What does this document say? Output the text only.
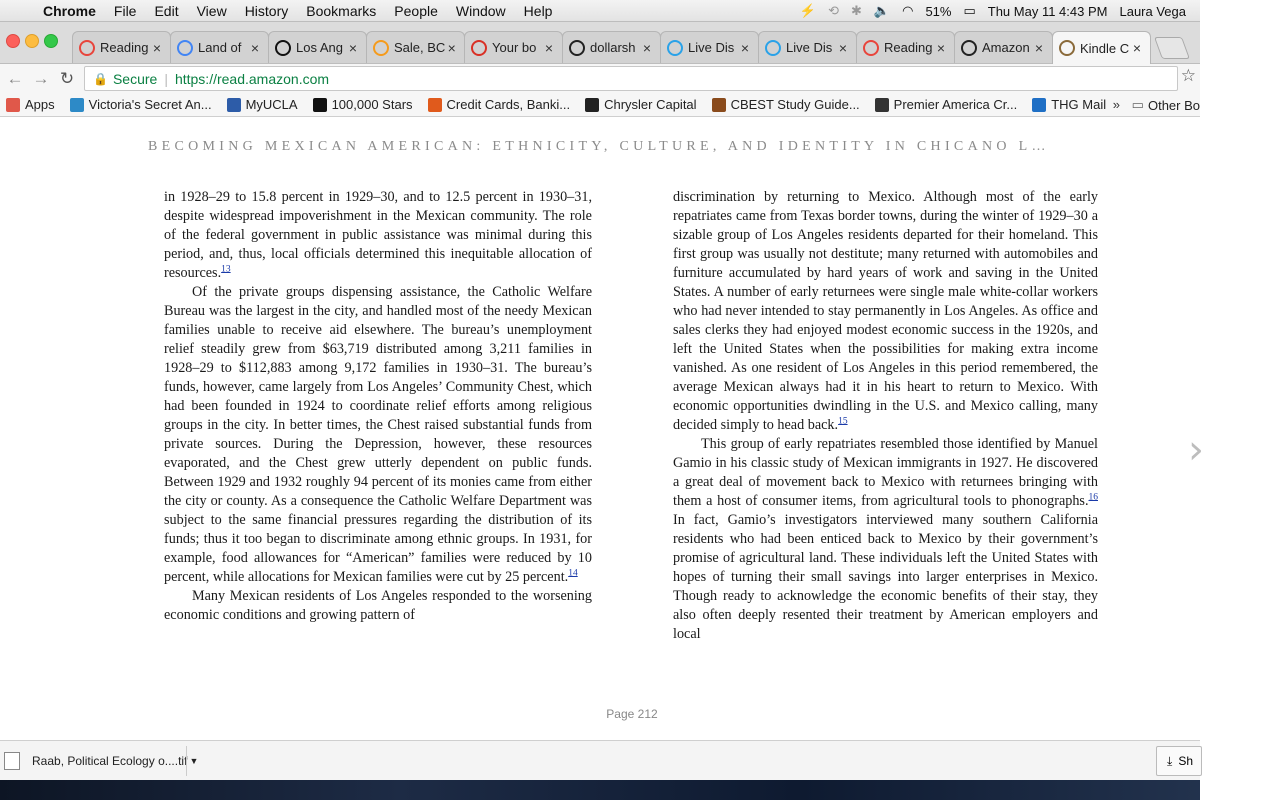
Chrome	File	Edit	View	History	Bookmarks	People	Window	Help	⚡ ⟲ ✱ 🔈 ◠ 51% ▭ Thu May 11 4:43 PM Laura Vega
Reading ×	Land of ×	Los Ang ×	Sale, BC ×	Your bo ×	dollarsh ×	Live Dis ×	Live Dis ×	Reading ×	Amazon ×	Kindle C ×
← → ↻	🔒 Secure | https://read.amazon.com	☆
Apps	Victoria's Secret An...	MyUCLA	100,000 Stars	Credit Cards, Banki...	Chrysler Capital	CBEST Study Guide...	Premier America Cr...	THG Mail » ▭ Other Bo
BECOMING MEXICAN AMERICAN: ETHNICITY, CULTURE, AND IDENTITY IN CHICANO L…

in 1928–29 to 15.8 percent in 1929–30, and to 12.5 percent in 1930–31, despite widespread impoverishment in the Mexican community. The role of the federal government in public assistance was minimal during this period, and, thus, local officials determined this inequitable allocation of resources.$^{13}$

Of the private groups dispensing assistance, the Catholic Welfare Bureau was the largest in the city, and handled most of the needy Mexican families unable to receive aid elsewhere. The bureau’s unemployment relief steadily grew from $63,719 distributed among 3,211 families in 1928–29 to $112,883 among 9,172 families in 1930–31. The bureau’s funds, however, came largely from Los Angeles’ Community Chest, which had been founded in 1924 to coordinate relief efforts among religious groups in the city. In better times, the Chest raised substantial funds from private sources. During the Depression, however, these resources evaporated, and the Chest grew utterly dependent on public funds. Between 1929 and 1932 roughly 94 percent of its monies came from either the city or county. As a consequence the Catholic Welfare Department was subject to the same financial pressures regarding the distribution of its funds; thus it too began to discriminate among ethnic groups. In 1931, for example, food allowances for “American” families were reduced by 10 percent, while allocations for Mexican families were cut by 25 percent.$^{14}$

Many Mexican residents of Los Angeles responded to the worsening economic conditions and growing pattern of

discrimination by returning to Mexico. Although most of the early repatriates came from Texas border towns, during the winter of 1929–30 a sizable group of Los Angeles residents departed for their homeland. This first group was usually not destitute; many returned with automobiles and furniture accumulated by hard years of work and saving in the United States. A number of early returnees were single male white-collar workers who had never intended to stay permanently in Los Angeles. As office and sales clerks they had enjoyed modest economic success in the 1920s, and left the United States when the possibilities for making extra income vanished. As one resident of Los Angeles in this period remembered, the average Mexican always had it in his heart to return to Mexico. With economic opportunities dwindling in the U.S. and Mexico calling, many decided simply to head back.$^{15}$

This group of early repatriates resembled those identified by Manuel Gamio in his classic study of Mexican immigrants in 1927. He discovered a great deal of movement back to Mexico with returnees bringing with them a host of consumer items, from agricultural tools to phonographs.$^{16}$ In fact, Gamio’s investigators interviewed many southern California residents who had been enticed back to Mexico by their government’s promise of agricultural land. These individuals left the United States with hopes of turning their small savings into larger enterprises in Mexico. Though ready to acknowledge the economic benefits of their stay, they also often deeply resented their treatment by American employers and local

›
Page 212
Raab, Political Ecology o....tif ▼	⤓ Sh
